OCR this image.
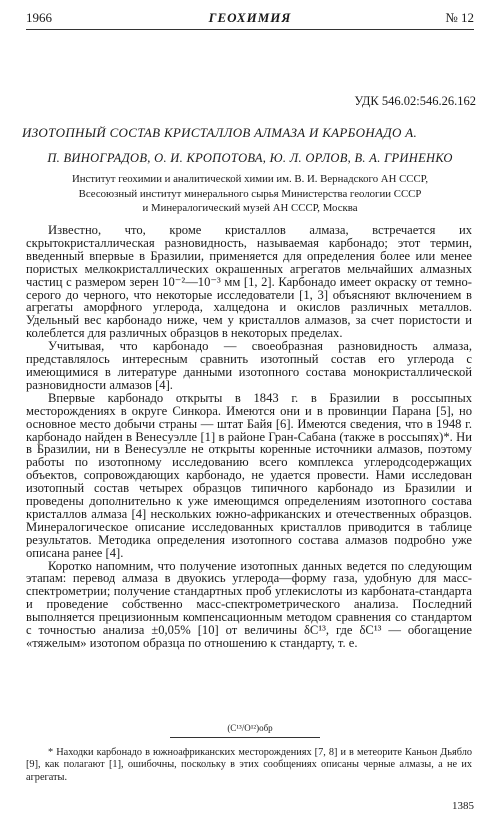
1966	ГЕОХИМИЯ	№ 12
УДК 546.02:546.26.162
ИЗОТОПНЫЙ СОСТАВ КРИСТАЛЛОВ АЛМАЗА И КАРБОНАДО А.
П. ВИНОГРАДОВ, О. И. КРОПОТОВА, Ю. Л. ОРЛОВ, В. А. ГРИНЕНКО
Институт геохимии и аналитической химии им. В. И. Вернадского АН СССР,
Всесоюзный институт минерального сырья Министерства геологии СССР
и Минералогический музей АН СССР, Москва

Известно, что, кроме кристаллов алмаза, встречается их скрытокристаллическая разновидность, называемая карбонадо; этот термин, введенный впервые в Бразилии, применяется для определения более или менее пористых мелкокристаллических окрашенных агрегатов мельчайших алмазных частиц с размером зерен 10⁻²—10⁻³ мм [1, 2]. Карбонадо имеет окраску от темно-серого до черного, что некоторые исследователи [1, 3] объясняют включением в агрегаты аморфного углерода, халцедона и окислов различных металлов. Удельный вес карбонадо ниже, чем у кристаллов алмазов, за счет пористости и колеблется для различных образцов в некоторых пределах.

Учитывая, что карбонадо — своеобразная разновидность алмаза, представлялось интересным сравнить изотопный состав его углерода с имеющимися в литературе данными изотопного состава монокристаллической разновидности алмазов [4].

Впервые карбонадо открыты в 1843 г. в Бразилии в россыпных месторождениях в округе Синкора. Имеются они и в провинции Парана [5], но основное место добычи страны — штат Байя [6]. Имеются сведения, что в 1948 г. карбонадо найден в Венесуэлле [1] в районе Гран-Сабана (также в россыпях)*. Ни в Бразилии, ни в Венесуэлле не открыты коренные источники алмазов, поэтому работы по изотопному исследованию всего комплекса углеродсодержащих объектов, сопровождающих карбонадо, не удается провести. Нами исследован изотопный состав четырех образцов типичного карбонадо из Бразилии и проведены дополнительно к уже имеющимся определениям изотопного состава кристаллов алмаза [4] нескольких южно-африканских и отечественных образцов. Минералогическое описание исследованных кристаллов приводится в таблице результатов. Методика определения изотопного состава алмазов подробно уже описана ранее [4].

Коротко напомним, что получение изотопных данных ведется по следующим этапам: перевод алмаза в двуокись углерода—форму газа, удобную для масс-спектрометрии; получение стандартных проб углекислоты из карбоната-стандарта и проведение собственно масс-спектрометрического анализа. Последний выполняется прецизионным компенсационным методом сравнения со стандартом с точностью анализа ±0,05% [10] от величины δC¹³, где δC¹³ — обогащение «тяжелым» изотопом образца по отношению к стандарту, т. е.

(C¹³/O¹²)обр

* Находки карбонадо в южноафриканских месторождениях [7, 8] и в метеорите Каньон Дьябло [9], как полагают [1], ошибочны, поскольку в этих сообщениях описаны черные алмазы, а не их агрегаты.

1385
